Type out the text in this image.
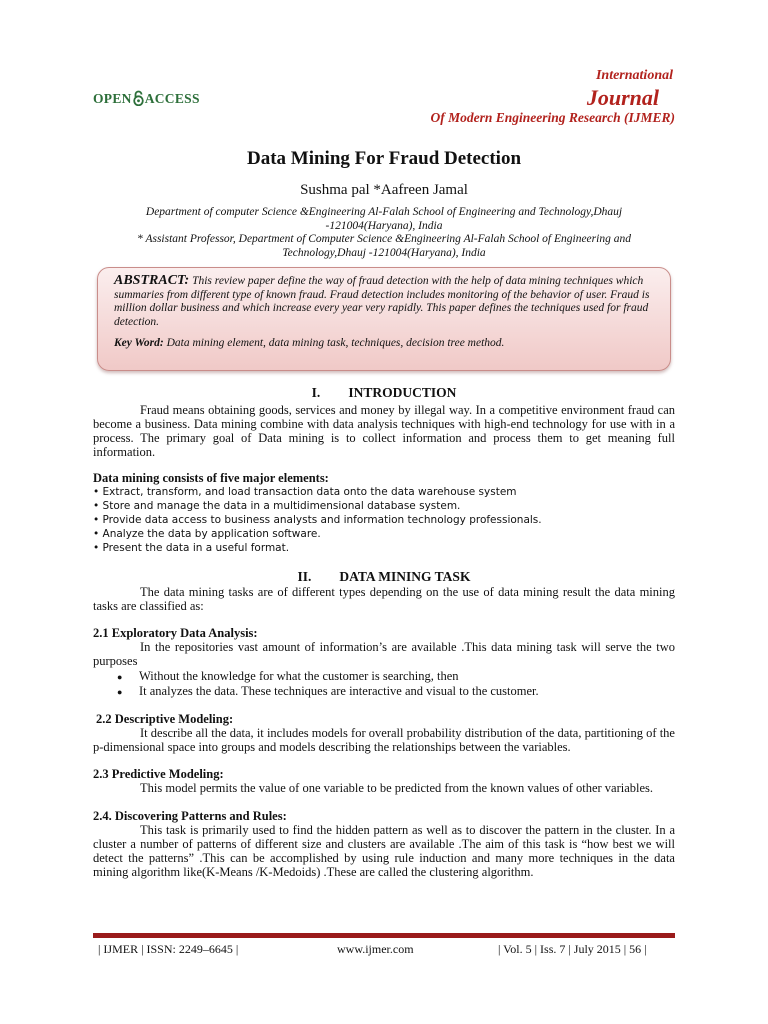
OPEN ACCESS
International
Journal
Of Modern Engineering Research (IJMER)
Data Mining For Fraud Detection
Sushma pal *Aafreen Jamal
Department of computer Science &Engineering Al-Falah School of Engineering and Technology,Dhauj -121004(Haryana), India
* Assistant Professor, Department of Computer Science &Engineering Al-Falah School of Engineering and Technology,Dhauj -121004(Haryana), India
ABSTRACT: This review paper define the way of fraud detection with the help of data mining techniques which summaries from different type of known fraud. Fraud detection includes monitoring of the behavior of user. Fraud is million dollar business and which increase every year very rapidly. This paper defines the techniques used for fraud detection.
Key Word: Data mining element, data mining task, techniques, decision tree method.
I. INTRODUCTION
Fraud means obtaining goods, services and money by illegal way. In a competitive environment fraud can become a business. Data mining combine with data analysis techniques with high-end technology for use with in a process. The primary goal of Data mining is to collect information and process them to get meaning full information.
Data mining consists of five major elements:
• Extract, transform, and load transaction data onto the data warehouse system
• Store and manage the data in a multidimensional database system.
• Provide data access to business analysts and information technology professionals.
• Analyze the data by application software.
• Present the data in a useful format.
II. DATA MINING TASK
The data mining tasks are of different types depending on the use of data mining result the data mining tasks are classified as:
2.1 Exploratory Data Analysis:
In the repositories vast amount of information’s are available .This data mining task will serve the two purposes
● Without the knowledge for what the customer is searching, then
● It analyzes the data. These techniques are interactive and visual to the customer.
2.2 Descriptive Modeling:
It describe all the data, it includes models for overall probability distribution of the data, partitioning of the p-dimensional space into groups and models describing the relationships between the variables.
2.3 Predictive Modeling:
This model permits the value of one variable to be predicted from the known values of other variables.
2.4. Discovering Patterns and Rules:
This task is primarily used to find the hidden pattern as well as to discover the pattern in the cluster. In a cluster a number of patterns of different size and clusters are available .The aim of this task is “how best we will detect the patterns” .This can be accomplished by using rule induction and many more techniques in the data mining algorithm like(K-Means /K-Medoids) .These are called the clustering algorithm.
| IJMER | ISSN: 2249–6645 |	www.ijmer.com	| Vol. 5 | Iss. 7 | July 2015 | 56 |
